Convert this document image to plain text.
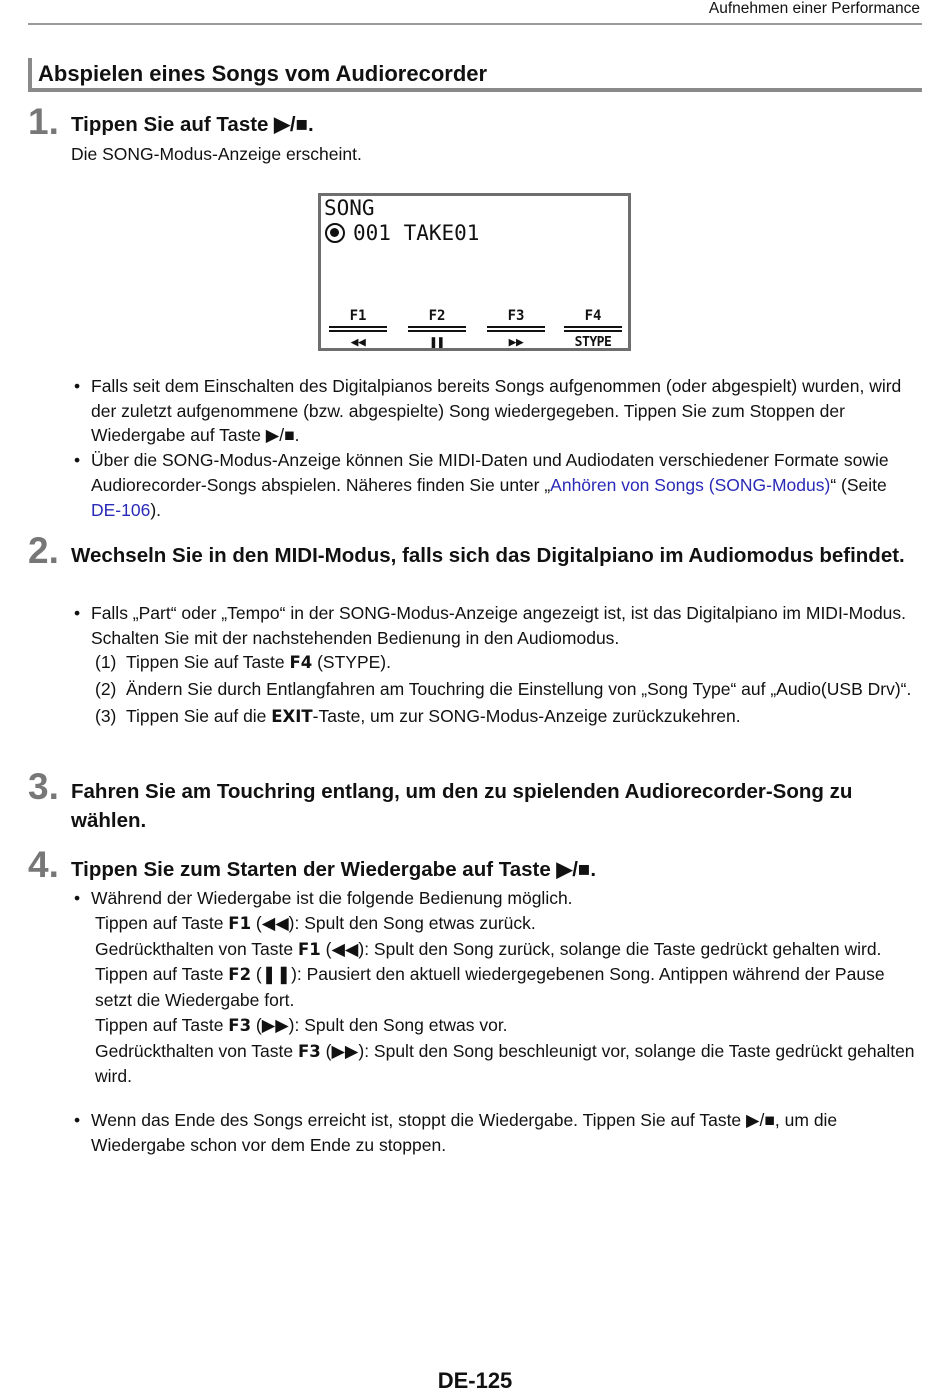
Aufnehmen einer Performance
Abspielen eines Songs vom Audiorecorder
1. Tippen Sie auf Taste ▶/■.
Die SONG-Modus-Anzeige erscheint.
SONG
001 TAKE01
F1
◀◀
F2
❚❚
F3
▶▶
F4
STYPE
• Falls seit dem Einschalten des Digitalpianos bereits Songs aufgenommen (oder abgespielt) wurden, wird der zuletzt aufgenommene (bzw. abgespielte) Song wiedergegeben. Tippen Sie zum Stoppen der Wiedergabe auf Taste ▶/■.
• Über die SONG-Modus-Anzeige können Sie MIDI-Daten und Audiodaten verschiedener Formate sowie Audiorecorder-Songs abspielen. Näheres finden Sie unter „Anhören von Songs (SONG-Modus)“ (Seite DE-106).
2. Wechseln Sie in den MIDI-Modus, falls sich das Digitalpiano im Audiomodus befindet.
• Falls „Part“ oder „Tempo“ in der SONG-Modus-Anzeige angezeigt ist, ist das Digitalpiano im MIDI-Modus. Schalten Sie mit der nachstehenden Bedienung in den Audiomodus.
(1) Tippen Sie auf Taste F4 (STYPE).
(2) Ändern Sie durch Entlangfahren am Touchring die Einstellung von „Song Type“ auf „Audio(USB Drv)“.
(3) Tippen Sie auf die EXIT-Taste, um zur SONG-Modus-Anzeige zurückzukehren.
3. Fahren Sie am Touchring entlang, um den zu spielenden Audiorecorder-Song zu wählen.
4. Tippen Sie zum Starten der Wiedergabe auf Taste ▶/■.
• Während der Wiedergabe ist die folgende Bedienung möglich.
Tippen auf Taste F1 (◀◀): Spult den Song etwas zurück.
Gedrückthalten von Taste F1 (◀◀): Spult den Song zurück, solange die Taste gedrückt gehalten wird.
Tippen auf Taste F2 (❚❚): Pausiert den aktuell wiedergegebenen Song. Antippen während der Pause setzt die Wiedergabe fort.
Tippen auf Taste F3 (▶▶): Spult den Song etwas vor.
Gedrückthalten von Taste F3 (▶▶): Spult den Song beschleunigt vor, solange die Taste gedrückt gehalten wird.
• Wenn das Ende des Songs erreicht ist, stoppt die Wiedergabe. Tippen Sie auf Taste ▶/■, um die Wiedergabe schon vor dem Ende zu stoppen.
DE-125
